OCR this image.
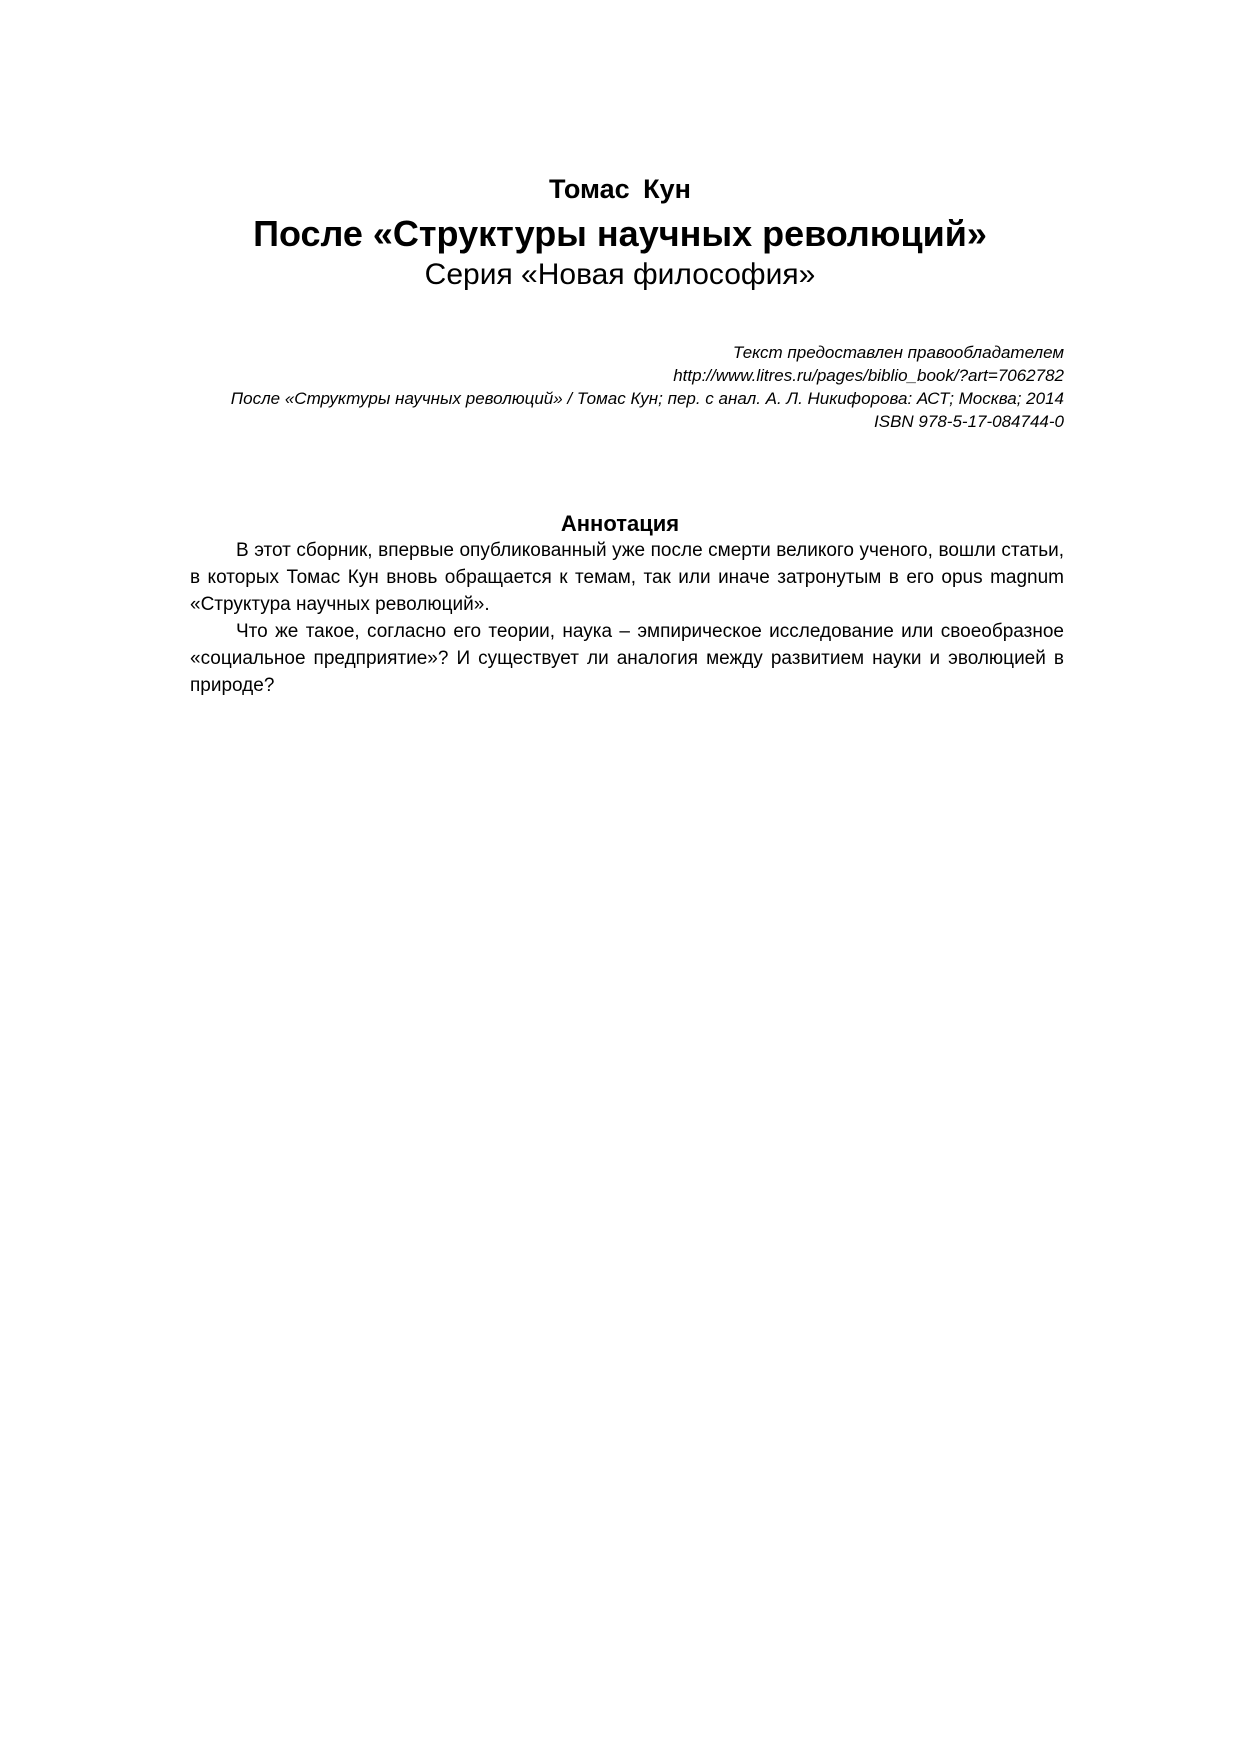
Томас Кун
После «Структуры научных революций»
Серия «Новая философия»
Текст предоставлен правообладателем
http://www.litres.ru/pages/biblio_book/?art=7062782
После «Структуры научных революций» / Томас Кун; пер. с анал. А. Л. Никифорова: АСТ; Москва; 2014
ISBN 978-5-17-084744-0
Аннотация

В этот сборник, впервые опубликованный уже после смерти великого ученого, вошли статьи, в которых Томас Кун вновь обращается к темам, так или иначе затронутым в его opus magnum «Структура научных революций».

Что же такое, согласно его теории, наука – эмпирическое исследование или своеобразное «социальное предприятие»? И существует ли аналогия между развитием науки и эволюцией в природе?
